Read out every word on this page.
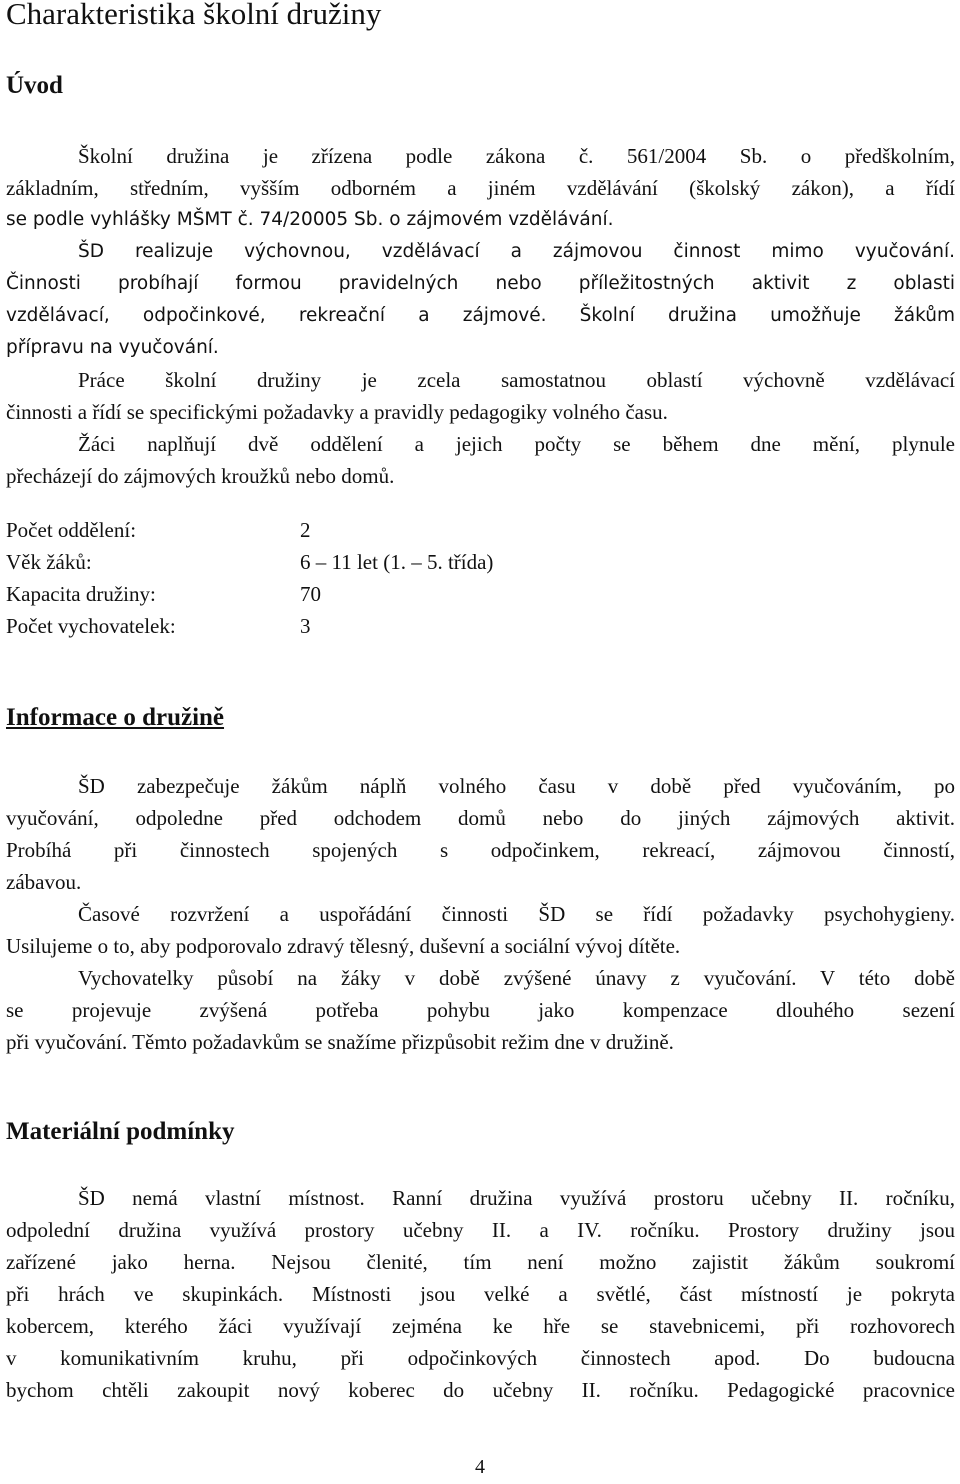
Charakteristika školní družiny
Úvod
Školní družina je zřízena podle zákona č. 561/2004 Sb. o předškolním,
základním, středním, vyšším odborném a jiném vzdělávání (školský zákon), a řídí
se podle vyhlášky MŠMT č. 74/20005 Sb. o zájmovém vzdělávání.
ŠD realizuje výchovnou, vzdělávací a zájmovou činnost mimo vyučování.
Činnosti probíhají formou pravidelných nebo příležitostných aktivit z oblasti
vzdělávací, odpočinkové, rekreační a zájmové. Školní družina umožňuje žákům
přípravu na vyučování.
Práce školní družiny je zcela samostatnou oblastí výchovně vzdělávací
činnosti a řídí se specifickými požadavky a pravidly pedagogiky volného času.
Žáci naplňují dvě oddělení a jejich počty se během dne mění, plynule
přecházejí do zájmových kroužků nebo domů.
Počet oddělení:	2
Věk žáků:	6 – 11 let (1. – 5. třída)
Kapacita družiny:	70
Počet vychovatelek:	3
Informace o družině
ŠD zabezpečuje žákům náplň volného času v době před vyučováním, po
vyučování, odpoledne před odchodem domů nebo do jiných zájmových aktivit.
Probíhá při činnostech spojených s odpočinkem, rekreací, zájmovou činností,
zábavou.
Časové rozvržení a uspořádání činnosti ŠD se řídí požadavky psychohygieny.
Usilujeme o to, aby podporovalo zdravý tělesný, duševní a sociální vývoj dítěte.
Vychovatelky působí na žáky v době zvýšené únavy z vyučování. V této době
se projevuje zvýšená potřeba pohybu jako kompenzace dlouhého sezení
při vyučování. Těmto požadavkům se snažíme přizpůsobit režim dne v družině.
Materiální podmínky
ŠD nemá vlastní místnost. Ranní družina využívá prostoru učebny II. ročníku,
odpolední družina využívá prostory učebny II. a IV. ročníku. Prostory družiny jsou
zařízené jako herna. Nejsou členité, tím není možno zajistit žákům soukromí
při hrách ve skupinkách. Místnosti jsou velké a světlé, část místností je pokryta
kobercem, kterého žáci využívají zejména ke hře se stavebnicemi, při rozhovorech
v komunikativním kruhu, při odpočinkových činnostech apod. Do budoucna
bychom chtěli zakoupit nový koberec do učebny II. ročníku. Pedagogické pracovnice
4
